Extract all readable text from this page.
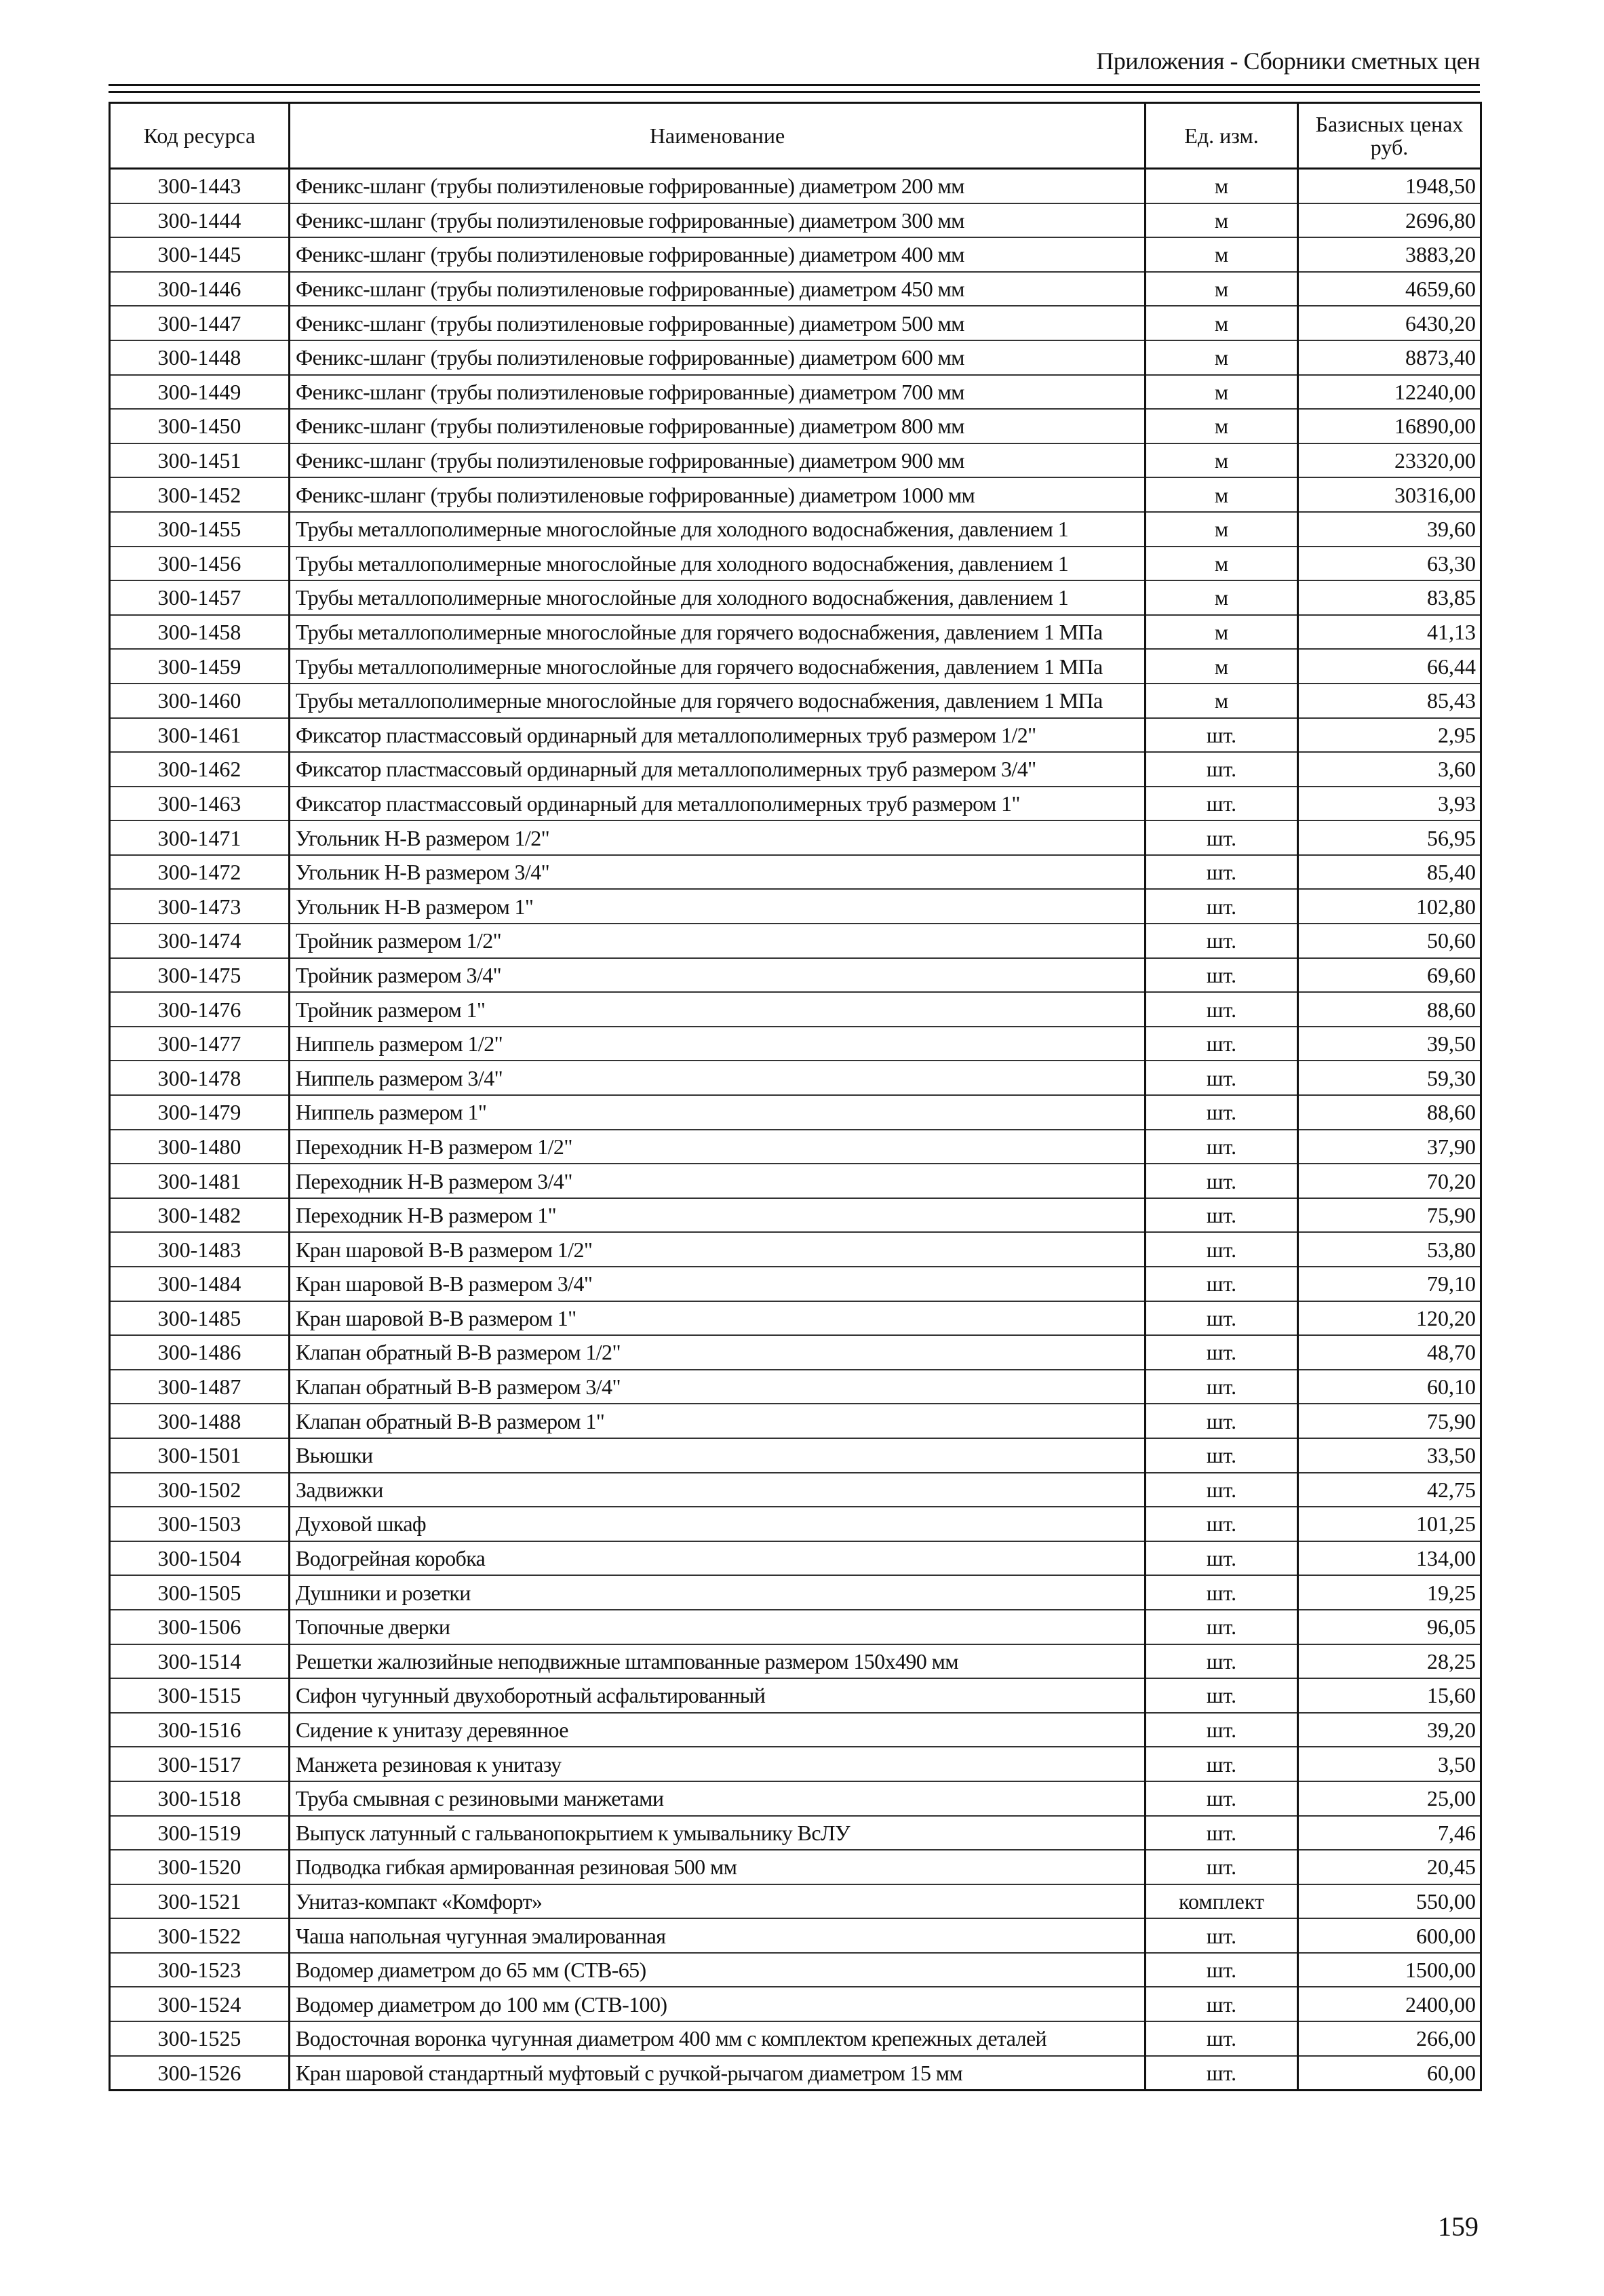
Приложения - Сборники сметных цен
Код ресурса	Наименование	Ед. изм.	Базисных ценах руб.
300-1443	Феникс-шланг (трубы полиэтиленовые гофрированные) диаметром 200 мм	м	1948,50
300-1444	Феникс-шланг (трубы полиэтиленовые гофрированные) диаметром 300 мм	м	2696,80
300-1445	Феникс-шланг (трубы полиэтиленовые гофрированные) диаметром 400 мм	м	3883,20
300-1446	Феникс-шланг (трубы полиэтиленовые гофрированные) диаметром 450 мм	м	4659,60
300-1447	Феникс-шланг (трубы полиэтиленовые гофрированные) диаметром 500 мм	м	6430,20
300-1448	Феникс-шланг (трубы полиэтиленовые гофрированные) диаметром 600 мм	м	8873,40
300-1449	Феникс-шланг (трубы полиэтиленовые гофрированные) диаметром 700 мм	м	12240,00
300-1450	Феникс-шланг (трубы полиэтиленовые гофрированные) диаметром 800 мм	м	16890,00
300-1451	Феникс-шланг (трубы полиэтиленовые гофрированные) диаметром 900 мм	м	23320,00
300-1452	Феникс-шланг (трубы полиэтиленовые гофрированные) диаметром 1000 мм	м	30316,00
300-1455	Трубы металлополимерные многослойные для холодного водоснабжения, давлением 1	м	39,60
300-1456	Трубы металлополимерные многослойные для холодного водоснабжения, давлением 1	м	63,30
300-1457	Трубы металлополимерные многослойные для холодного водоснабжения, давлением 1	м	83,85
300-1458	Трубы металлополимерные многослойные для горячего водоснабжения, давлением 1 МПа	м	41,13
300-1459	Трубы металлополимерные многослойные для горячего водоснабжения, давлением 1 МПа	м	66,44
300-1460	Трубы металлополимерные многослойные для горячего водоснабжения, давлением 1 МПа	м	85,43
300-1461	Фиксатор пластмассовый ординарный для металлополимерных труб размером 1/2"	шт.	2,95
300-1462	Фиксатор пластмассовый ординарный для металлополимерных труб размером 3/4"	шт.	3,60
300-1463	Фиксатор пластмассовый ординарный для металлополимерных труб размером 1"	шт.	3,93
300-1471	Угольник Н-В размером 1/2"	шт.	56,95
300-1472	Угольник Н-В размером 3/4"	шт.	85,40
300-1473	Угольник Н-В размером 1"	шт.	102,80
300-1474	Тройник размером 1/2"	шт.	50,60
300-1475	Тройник размером 3/4"	шт.	69,60
300-1476	Тройник размером 1"	шт.	88,60
300-1477	Ниппель размером 1/2"	шт.	39,50
300-1478	Ниппель размером 3/4"	шт.	59,30
300-1479	Ниппель размером 1"	шт.	88,60
300-1480	Переходник Н-В размером 1/2"	шт.	37,90
300-1481	Переходник Н-В размером 3/4"	шт.	70,20
300-1482	Переходник Н-В размером 1"	шт.	75,90
300-1483	Кран шаровой В-В размером 1/2"	шт.	53,80
300-1484	Кран шаровой В-В размером 3/4"	шт.	79,10
300-1485	Кран шаровой В-В размером 1"	шт.	120,20
300-1486	Клапан обратный В-В размером 1/2"	шт.	48,70
300-1487	Клапан обратный В-В размером 3/4"	шт.	60,10
300-1488	Клапан обратный В-В размером 1"	шт.	75,90
300-1501	Вьюшки	шт.	33,50
300-1502	Задвижки	шт.	42,75
300-1503	Духовой шкаф	шт.	101,25
300-1504	Водогрейная коробка	шт.	134,00
300-1505	Душники и розетки	шт.	19,25
300-1506	Топочные дверки	шт.	96,05
300-1514	Решетки жалюзийные неподвижные штампованные размером 150x490 мм	шт.	28,25
300-1515	Сифон чугунный двухоборотный асфальтированный	шт.	15,60
300-1516	Сидение к унитазу деревянное	шт.	39,20
300-1517	Манжета резиновая к унитазу	шт.	3,50
300-1518	Труба смывная с резиновыми манжетами	шт.	25,00
300-1519	Выпуск латунный с гальванопокрытием к умывальнику ВсЛУ	шт.	7,46
300-1520	Подводка гибкая армированная резиновая 500 мм	шт.	20,45
300-1521	Унитаз-компакт «Комфорт»	комплект	550,00
300-1522	Чаша напольная чугунная эмалированная	шт.	600,00
300-1523	Водомер диаметром до 65 мм (СТВ-65)	шт.	1500,00
300-1524	Водомер диаметром до 100 мм (СТВ-100)	шт.	2400,00
300-1525	Водосточная воронка чугунная диаметром 400 мм с комплектом крепежных деталей	шт.	266,00
300-1526	Кран шаровой стандартный муфтовый с ручкой-рычагом диаметром 15 мм	шт.	60,00
159
